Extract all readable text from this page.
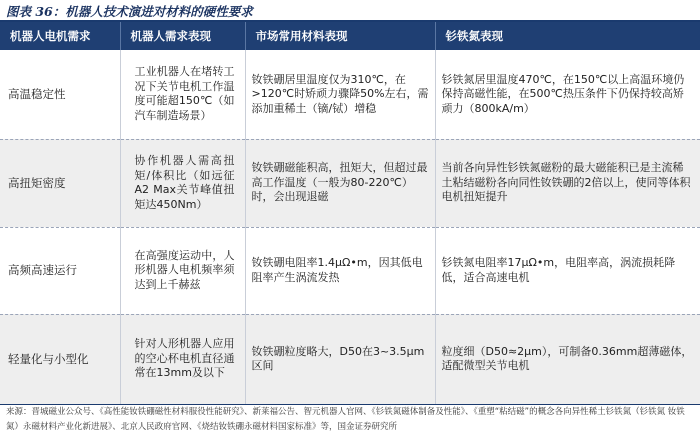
图表 36：机器人技术演进对材料的硬性要求
机器人电机需求	机器人需求表现	市场常用材料表现	钐铁氮表现
高温稳定性	工业机器人在堵转工况下关节电机工作温度可能超150℃（如汽车制造场景）	钕铁硼居里温度仅为310℃，在>120℃时矫顽力骤降50%左右，需添加重稀土（镝/铽）增稳	钐铁氮居里温度470℃，在150℃以上高温环境仍保持高磁性能，在500℃热压条件下仍保持较高矫顽力（800kA/m）
高扭矩密度	协作机器人需高扭矩/体积比（如远征A2 Max关节峰值扭矩达450Nm）	钕铁硼磁能积高，扭矩大，但超过最高工作温度（一般为80-220℃）时，会出现退磁	当前各向异性钐铁氮磁粉的最大磁能积已是主流稀土粘结磁粉各向同性钕铁硼的2倍以上，使同等体积电机扭矩提升
高频高速运行	在高强度运动中，人形机器人电机频率须达到上千赫兹	钕铁硼电阻率1.4μΩ•m，因其低电阻率产生涡流发热	钐铁氮电阻率17μΩ•m，电阻率高，涡流损耗降低，适合高速电机
轻量化与小型化	针对人形机器人应用的空心杯电机直径通常在13mm及以下	钕铁硼粒度略大，D50在3~3.5μm区间	粒度细（D50≈2μm），可制备0.36mm超薄磁体，适配微型关节电机
来源：晋城磁业公众号、《高性能钕铁硼磁性材料服役性能研究》、新莱福公告、智元机器人官网、《钐铁氮磁体制备及性能》、《重塑“粘结磁”的概念各向异性稀土钐铁氮（钐铁氮 钕铁氮）永磁材料产业化新进展》、北京人民政府官网、《烧结钕铁硼永磁材料国家标准》等，国金证券研究所
